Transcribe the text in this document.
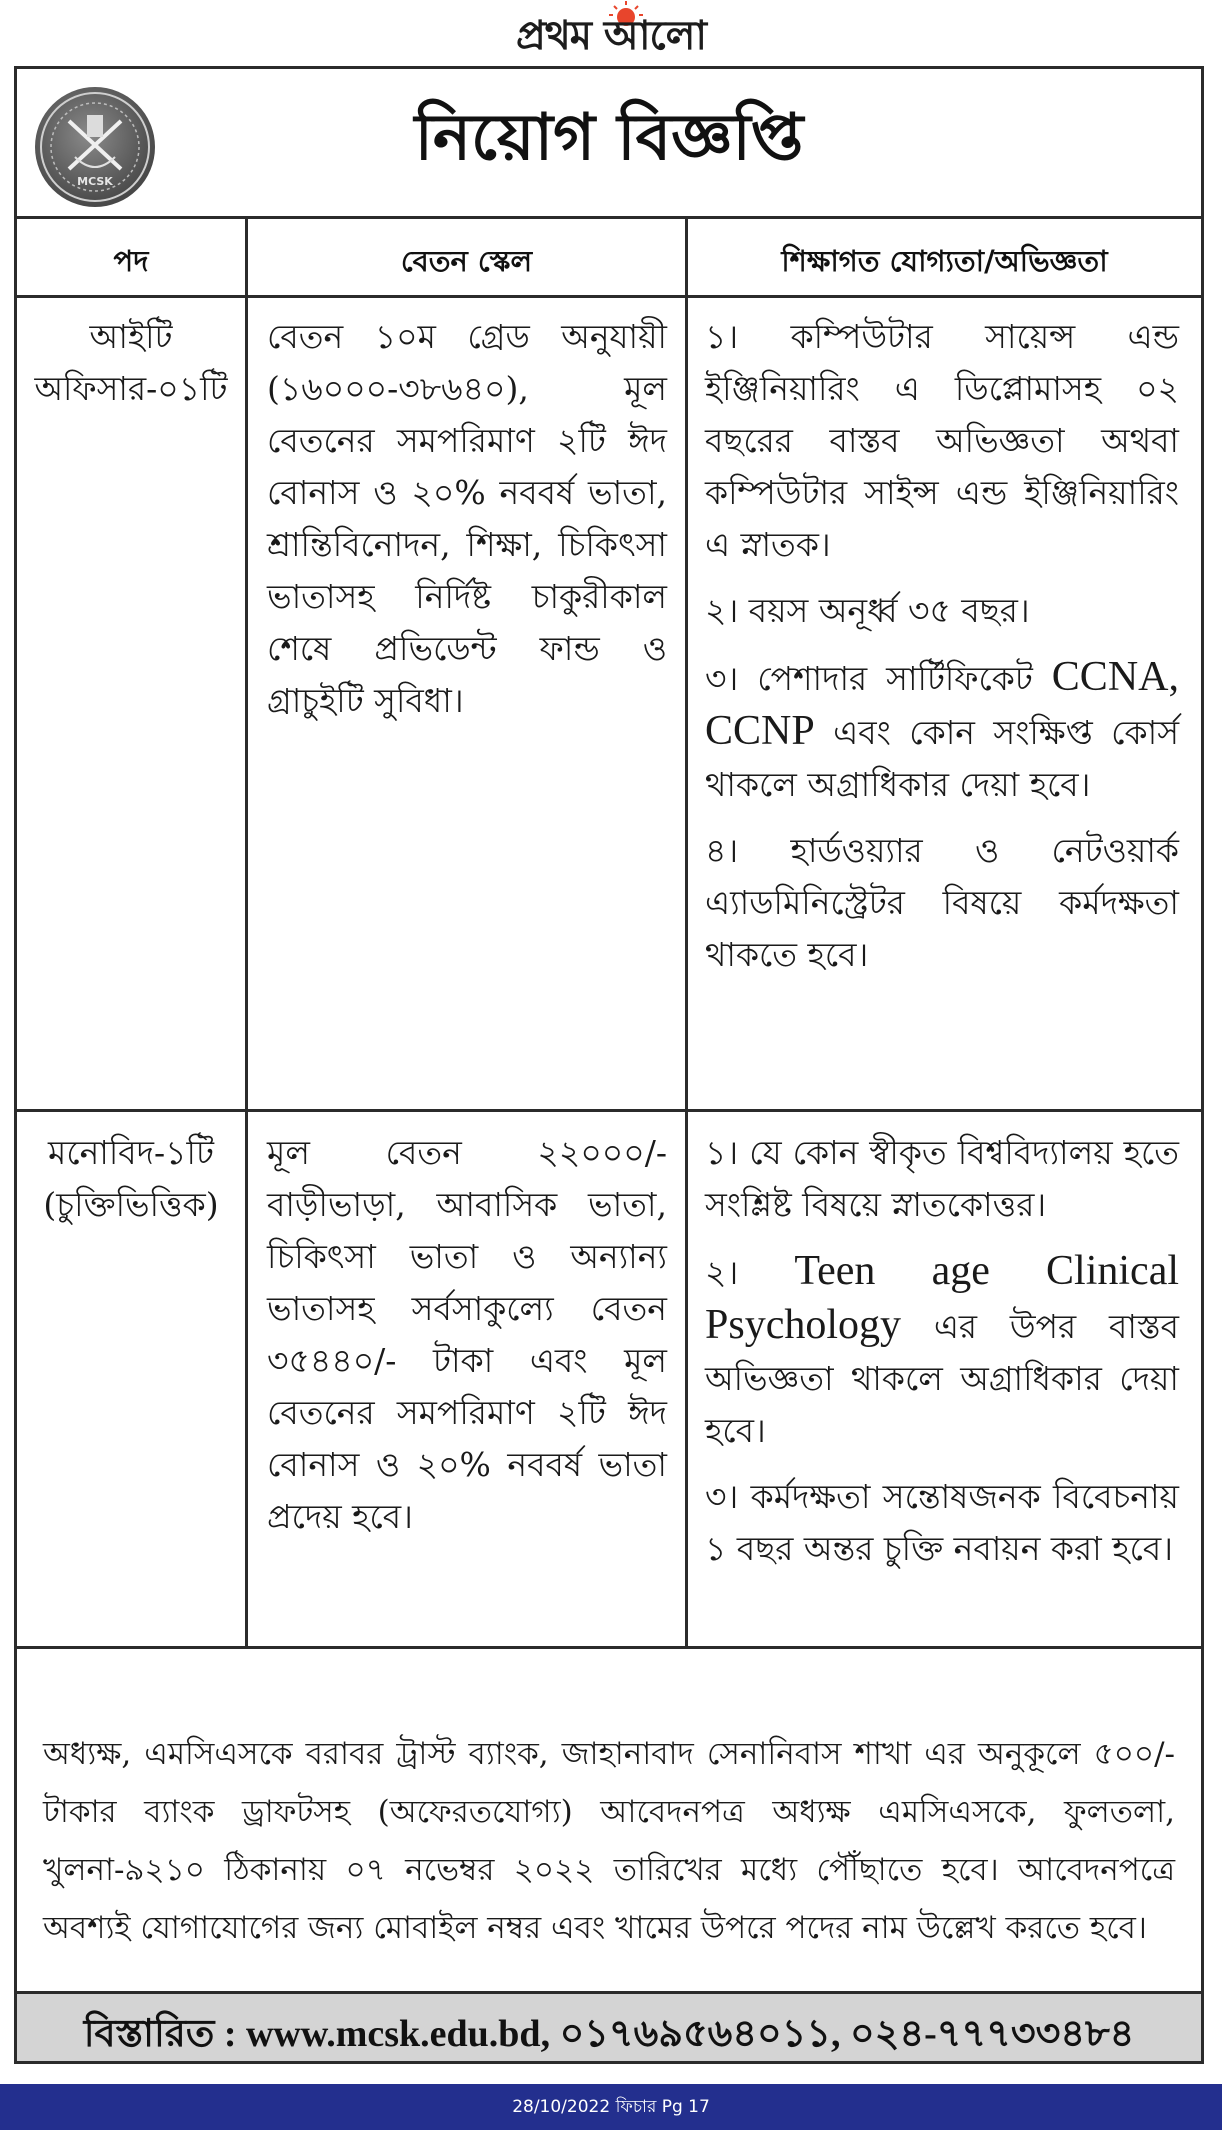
প্রথম আলো
MCSK
নিয়োগ বিজ্ঞপ্তি
পদ	বেতন স্কেল	শিক্ষাগত যোগ্যতা/অভিজ্ঞতা
আইটি অফিসার-০১টি
বেতন ১০ম গ্রেড অনুযায়ী (১৬০০০-৩৮৬৪০), মূল বেতনের সমপরিমাণ ২টি ঈদ বোনাস ও ২০% নববর্ষ ভাতা, শ্রান্তিবিনোদন, শিক্ষা, চিকিৎসা ভাতাসহ নির্দিষ্ট চাকুরীকাল শেষে প্রভিডেন্ট ফান্ড ও গ্রাচুইটি সুবিধা।

১। কম্পিউটার সায়েন্স এন্ড ইঞ্জিনিয়ারিং এ ডিপ্লোমাসহ ০২ বছরের বাস্তব অভিজ্ঞতা অথবা কম্পিউটার সাইন্স এন্ড ইঞ্জিনিয়ারিং এ স্নাতক।

২। বয়স অনূর্ধ্ব ৩৫ বছর।

৩। পেশাদার সার্টিফিকেট CCNA, CCNP এবং কোন সংক্ষিপ্ত কোর্স থাকলে অগ্রাধিকার দেয়া হবে।

৪। হার্ডওয়্যার ও নেটওয়ার্ক এ্যাডমিনিস্ট্রেটর বিষয়ে কর্মদক্ষতা থাকতে হবে।

মনোবিদ-১টি (চুক্তিভিত্তিক)
মূল বেতন ২২০০০/- বাড়ীভাড়া, আবাসিক ভাতা, চিকিৎসা ভাতা ও অন্যান্য ভাতাসহ সর্বসাকুল্যে বেতন ৩৫৪৪০/- টাকা এবং মূল বেতনের সমপরিমাণ ২টি ঈদ বোনাস ও ২০% নববর্ষ ভাতা প্রদেয় হবে।

১। যে কোন স্বীকৃত বিশ্ববিদ্যালয় হতে সংশ্লিষ্ট বিষয়ে স্নাতকোত্তর।

২। Teen age Clinical Psychology এর উপর বাস্তব অভিজ্ঞতা থাকলে অগ্রাধিকার দেয়া হবে।

৩। কর্মদক্ষতা সন্তোষজনক বিবেচনায় ১ বছর অন্তর চুক্তি নবায়ন করা হবে।

অধ্যক্ষ, এমসিএসকে বরাবর ট্রাস্ট ব্যাংক, জাহানাবাদ সেনানিবাস শাখা এর অনুকূলে ৫০০/- টাকার ব্যাংক ড্রাফটসহ (অফেরতযোগ্য) আবেদনপত্র অধ্যক্ষ এমসিএসকে, ফুলতলা, খুলনা-৯২১০ ঠিকানায় ০৭ নভেম্বর ২০২২ তারিখের মধ্যে পৌঁছাতে হবে। আবেদনপত্রে অবশ্যই যোগাযোগের জন্য মোবাইল নম্বর এবং খামের উপরে পদের নাম উল্লেখ করতে হবে।
বিস্তারিত : www.mcsk.edu.bd, ০১৭৬৯৫৬৪০১১, ০২৪-৭৭৭৩৩৪৮৪
28/10/2022 ফিচার Pg 17
